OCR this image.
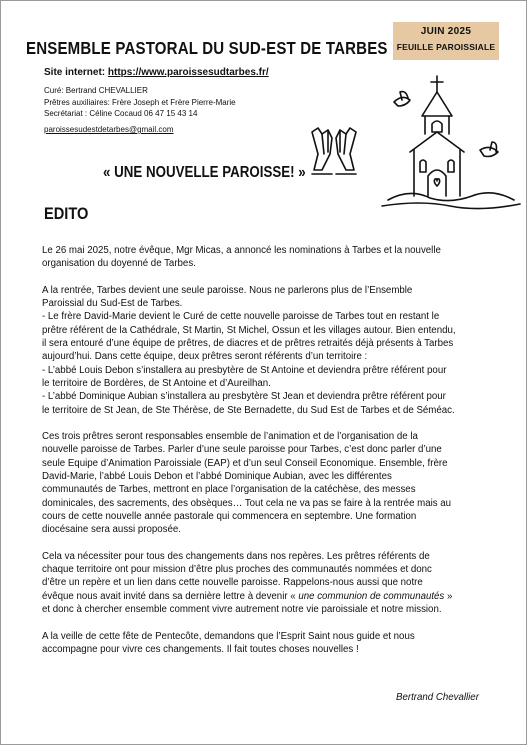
JUIN 2025
FEUILLE PAROISSIALE
ENSEMBLE PASTORAL DU SUD-EST DE TARBES
Site internet: https://www.paroissesudtarbes.fr/
Curé: Bertrand CHEVALLIER
Prêtres auxiliaires: Frère Joseph et Frère Pierre-Marie
Secrétariat : Céline Cocaud 06 47 15 43 14
paroissesudestdetarbes@gmail.com
« UNE NOUVELLE PAROISSE! »
EDITO

Le 26 mai 2025, notre évêque, Mgr Micas, a annoncé les nominations à Tarbes et la nouvelle
organisation du doyenné de Tarbes.

A la rentrée, Tarbes devient une seule paroisse. Nous ne parlerons plus de l’Ensemble
Paroissial du Sud-Est de Tarbes.
- Le frère David-Marie devient le Curé de cette nouvelle paroisse de Tarbes tout en restant le
prêtre référent de la Cathédrale, St Martin, St Michel, Ossun et les villages autour. Bien entendu,
il sera entouré d’une équipe de prêtres, de diacres et de prêtres retraités déjà présents à Tarbes
aujourd’hui. Dans cette équipe, deux prêtres seront référents d’un territoire :
- L’abbé Louis Debon s’installera au presbytère de St Antoine et deviendra prêtre référent pour
le territoire de Bordères, de St Antoine et d’Aureilhan.
- L’abbé Dominique Aubian s’installera au presbytère St Jean et deviendra prêtre référent pour
le territoire de St Jean, de Ste Thérèse, de Ste Bernadette, du Sud Est de Tarbes et de Séméac.

Ces trois prêtres seront responsables ensemble de l’animation et de l’organisation de la
nouvelle paroisse de Tarbes. Parler d’une seule paroisse pour Tarbes, c’est donc parler d’une
seule Equipe d’Animation Paroissiale (EAP) et d’un seul Conseil Economique. Ensemble, frère
David-Marie, l’abbé Louis Debon et l’abbé Dominique Aubian, avec les différentes
communautés de Tarbes, mettront en place l’organisation de la catéchèse, des messes
dominicales, des sacrements, des obsèques… Tout cela ne va pas se faire à la rentrée mais au
cours de cette nouvelle année pastorale qui commencera en septembre. Une formation
diocésaine sera aussi proposée.

Cela va nécessiter pour tous des changements dans nos repères. Les prêtres référents de
chaque territoire ont pour mission d’être plus proches des communautés nommées et donc
d’être un repère et un lien dans cette nouvelle paroisse. Rappelons-nous aussi que notre
évêque nous avait invité dans sa dernière lettre à devenir « une communion de communautés »
et donc à chercher ensemble comment vivre autrement notre vie paroissiale et notre mission.

A la veille de cette fête de Pentecôte, demandons que l’Esprit Saint nous guide et nous
accompagne pour vivre ces changements. Il fait toutes choses nouvelles !

Bertrand Chevallier
